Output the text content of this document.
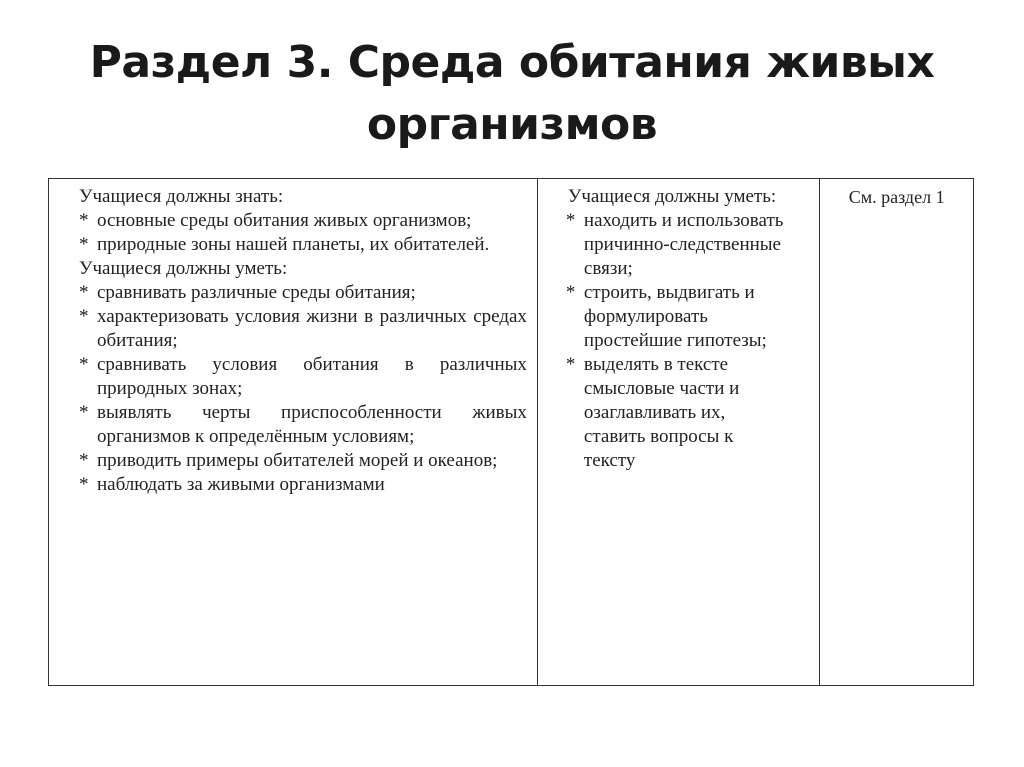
Раздел 3. Среда обитания живых
организмов

Учащиеся должны знать:

* основные среды обитания живых организмов;
* природные зоны нашей планеты, их обитателей.

Учащиеся должны уметь:

* сравнивать различные среды обитания;
* характеризовать условия жизни в различных средах обитания;
* сравнивать условия обитания в различных природных зонах;
* выявлять черты приспособленности живых организмов к определённым условиям;
* приводить примеры обитателей морей и океанов;
* наблюдать за живыми организмами
Учащиеся должны уметь:
* находить и использовать причинно-следственные связи;
* строить, выдвигать и формулировать простейшие гипотезы;
* выделять в тексте смысловые части и озаглавливать их, ставить вопросы к тексту
См. раздел 1
